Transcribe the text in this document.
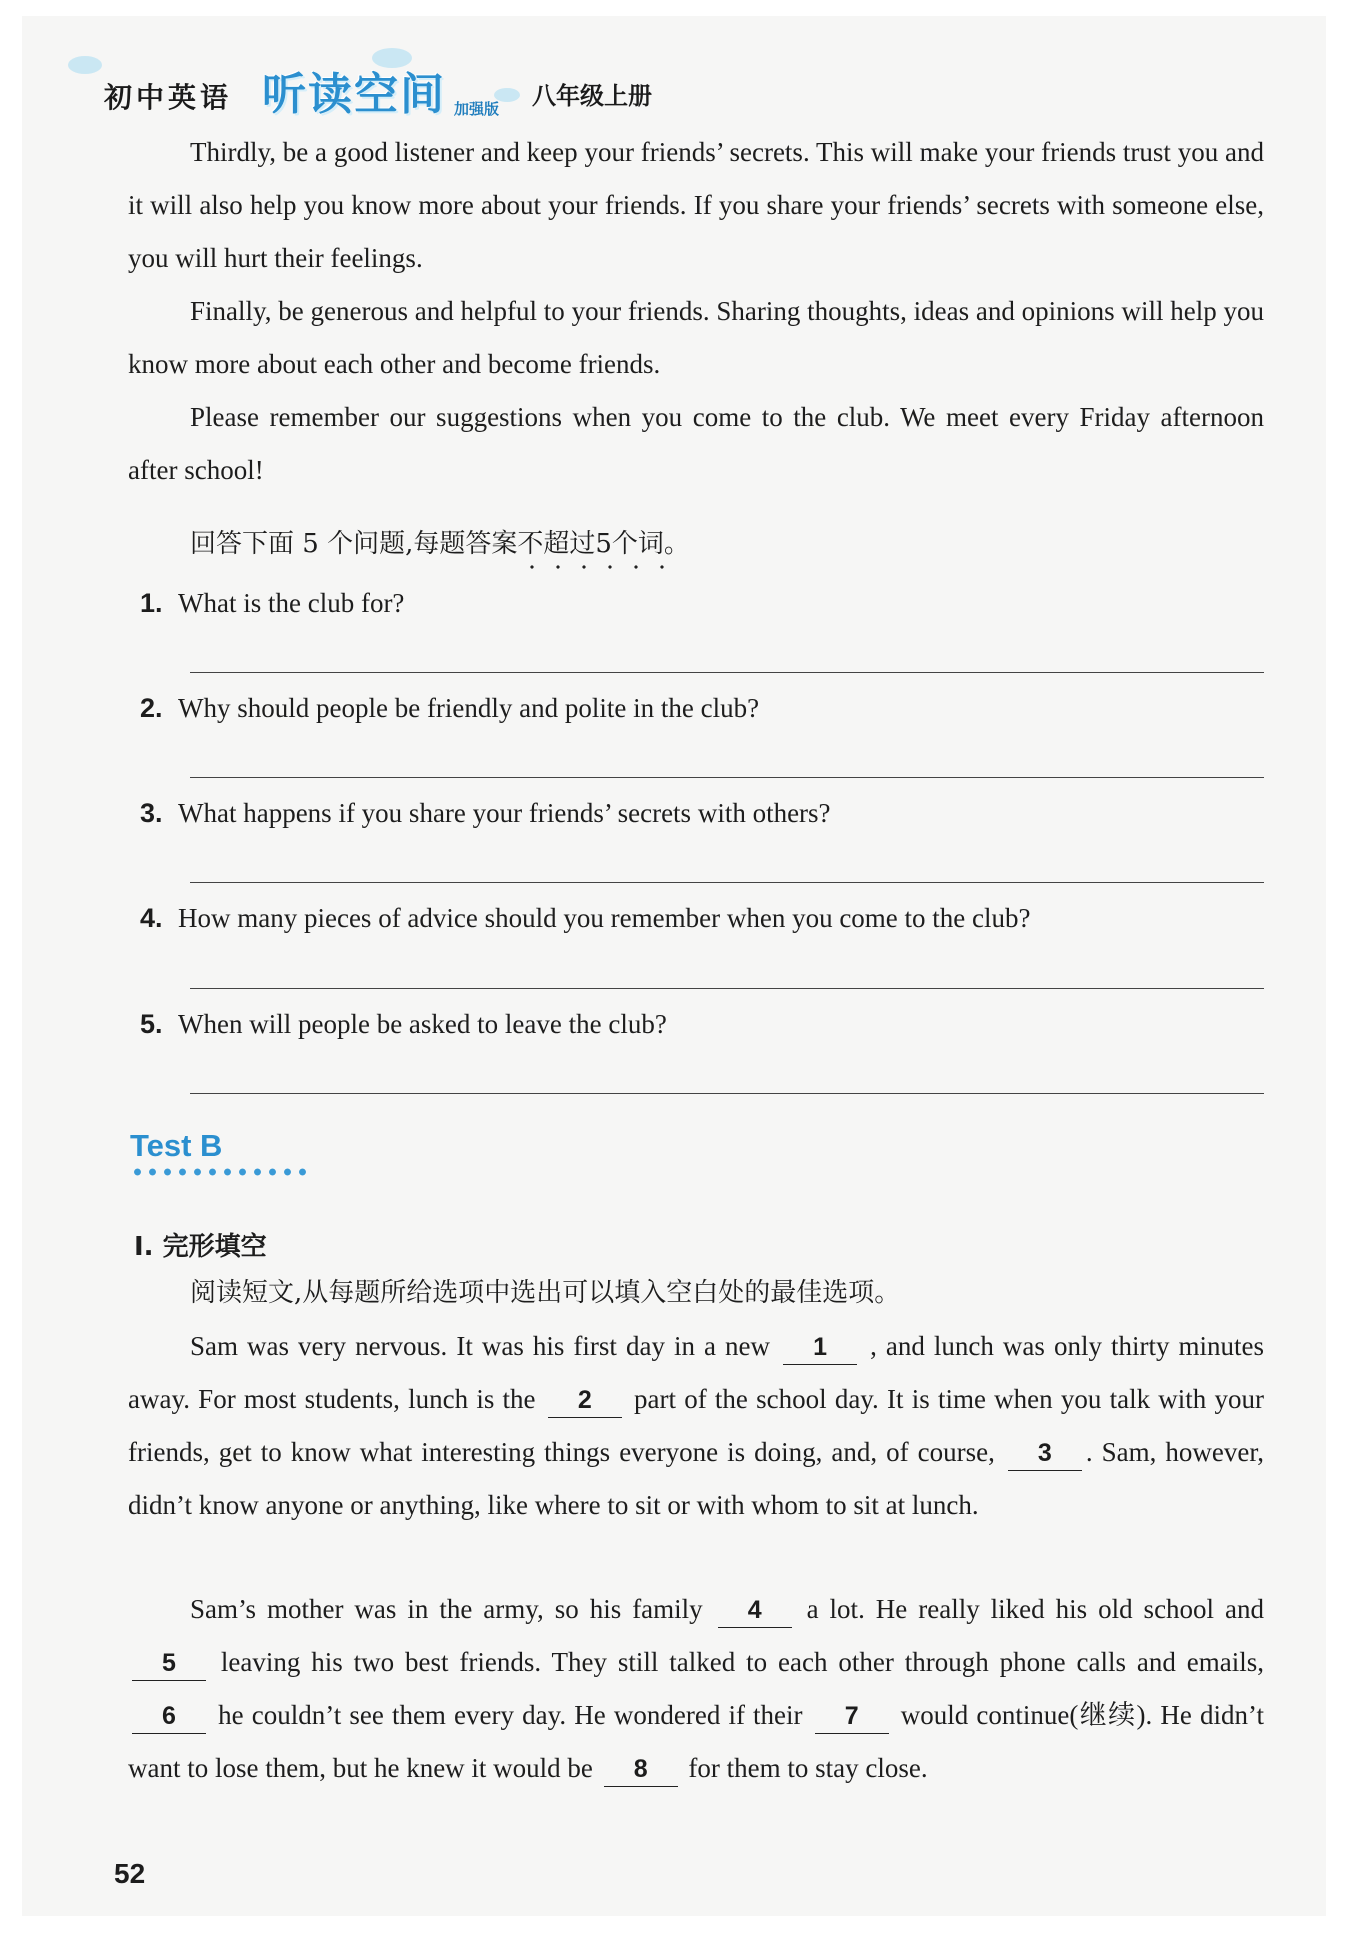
初中英语 听读空间 加强版 八年级上册

Thirdly, be a good listener and keep your friends’ secrets. This will make your friends trust you and it will also help you know more about your friends. If you share your friends’ secrets with someone else, you will hurt their feelings.

Finally, be generous and helpful to your friends. Sharing thoughts, ideas and opinions will help you know more about each other and become friends.

Please remember our suggestions when you come to the club. We meet every Friday afternoon after school!

回答下面 5 个问题,每题答案不超过5个词。

1. What is the club for?
2. Why should people be friendly and polite in the club?
3. What happens if you share your friends’ secrets with others?
4. How many pieces of advice should you remember when you come to the club?
5. When will people be asked to leave the club?
Test B
Ⅰ. 完形填空

阅读短文,从每题所给选项中选出可以填入空白处的最佳选项。

Sam was very nervous. It was his first day in a new 1 , and lunch was only thirty minutes away. For most students, lunch is the 2 part of the school day. It is time when you talk with your friends, get to know what interesting things everyone is doing, and, of course, 3 . Sam, however, didn’t know anyone or anything, like where to sit or with whom to sit at lunch.

Sam’s mother was in the army, so his family 4 a lot. He really liked his old school and 5 leaving his two best friends. They still talked to each other through phone calls and emails, 6 he couldn’t see them every day. He wondered if their 7 would continue(继续). He didn’t want to lose them, but he knew it would be 8 for them to stay close.

52
